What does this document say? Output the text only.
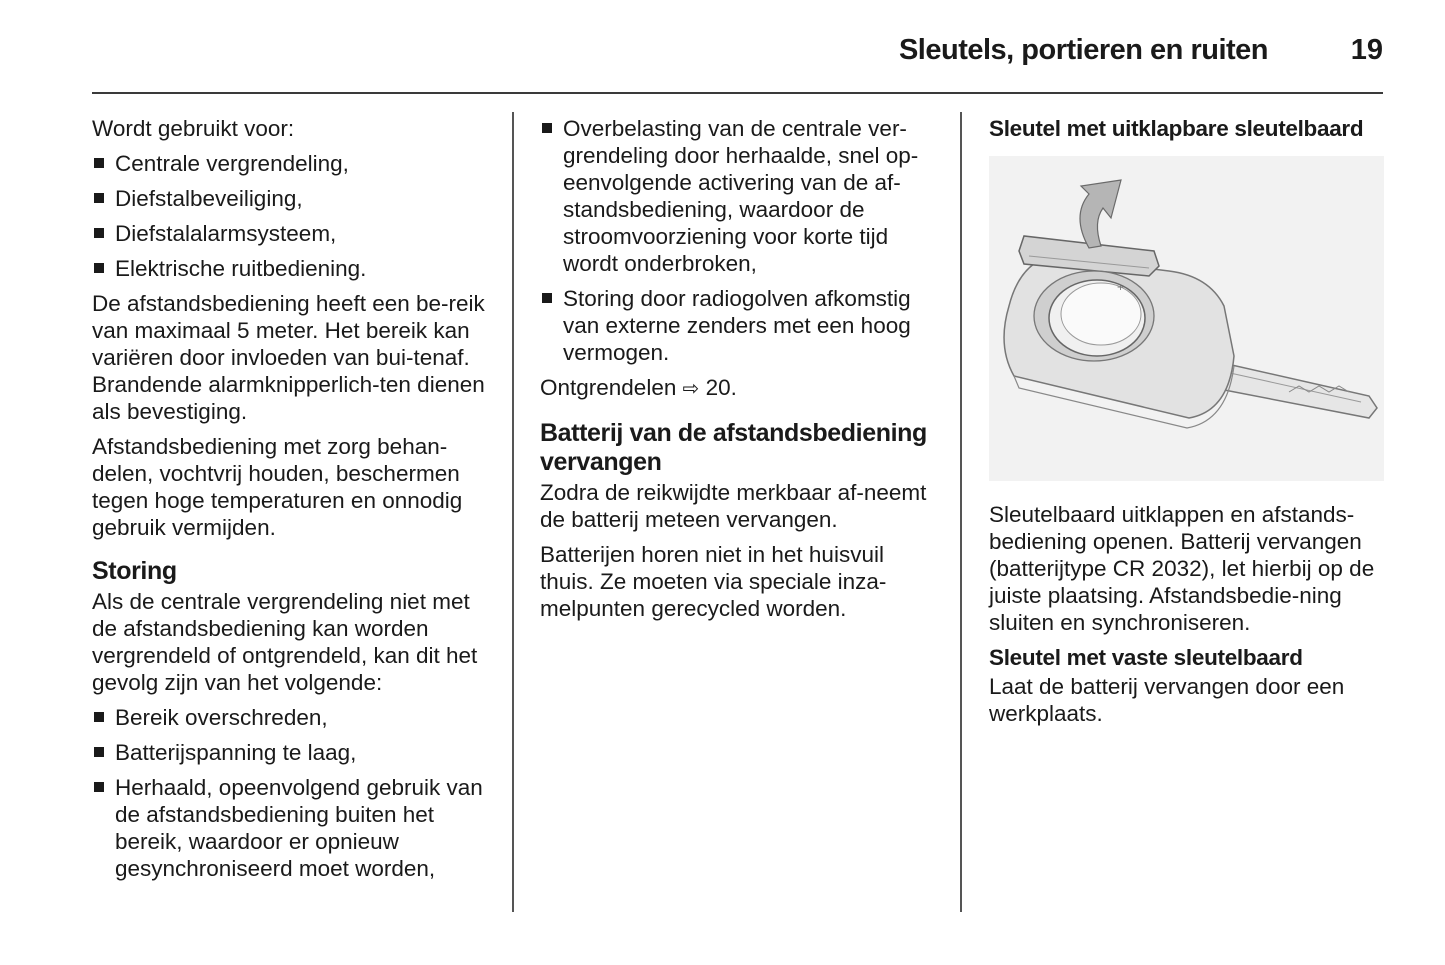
Sleutels, portieren en ruiten	19

Wordt gebruikt voor:

Centrale vergrendeling,
Diefstalbeveiliging,
Diefstalalarmsysteem,
Elektrische ruitbediening.

De afstandsbediening heeft een be-reik van maximaal 5 meter. Het bereik kan variëren door invloeden van bui-tenaf. Brandende alarmknipperlich-ten dienen als bevestiging.

Afstandsbediening met zorg behan-delen, vochtvrij houden, beschermen tegen hoge temperaturen en onnodig gebruik vermijden.

Storing

Als de centrale vergrendeling niet met de afstandsbediening kan worden vergrendeld of ontgrendeld, kan dit het gevolg zijn van het volgende:

Bereik overschreden,
Batterijspanning te laag,
Herhaald, opeenvolgend gebruik van de afstandsbediening buiten het bereik, waardoor er opnieuw gesynchroniseerd moet worden,
Overbelasting van de centrale ver-grendeling door herhaalde, snel op-eenvolgende activering van de af-standsbediening, waardoor de stroomvoorziening voor korte tijd wordt onderbroken,
Storing door radiogolven afkomstig van externe zenders met een hoog vermogen.

Ontgrendelen ⇨ 20.

Batterij van de afstandsbediening vervangen

Zodra de reikwijdte merkbaar af-neemt de batterij meteen vervangen.

Batterijen horen niet in het huisvuil thuis. Ze moeten via speciale inza-melpunten gerecycled worden.

Sleutel met uitklapbare sleutelbaard
+

Sleutelbaard uitklappen en afstands-bediening openen. Batterij vervangen (batterijtype CR 2032), let hierbij op de juiste plaatsing. Afstandsbedie-ning sluiten en synchroniseren.

Sleutel met vaste sleutelbaard

Laat de batterij vervangen door een werkplaats.
